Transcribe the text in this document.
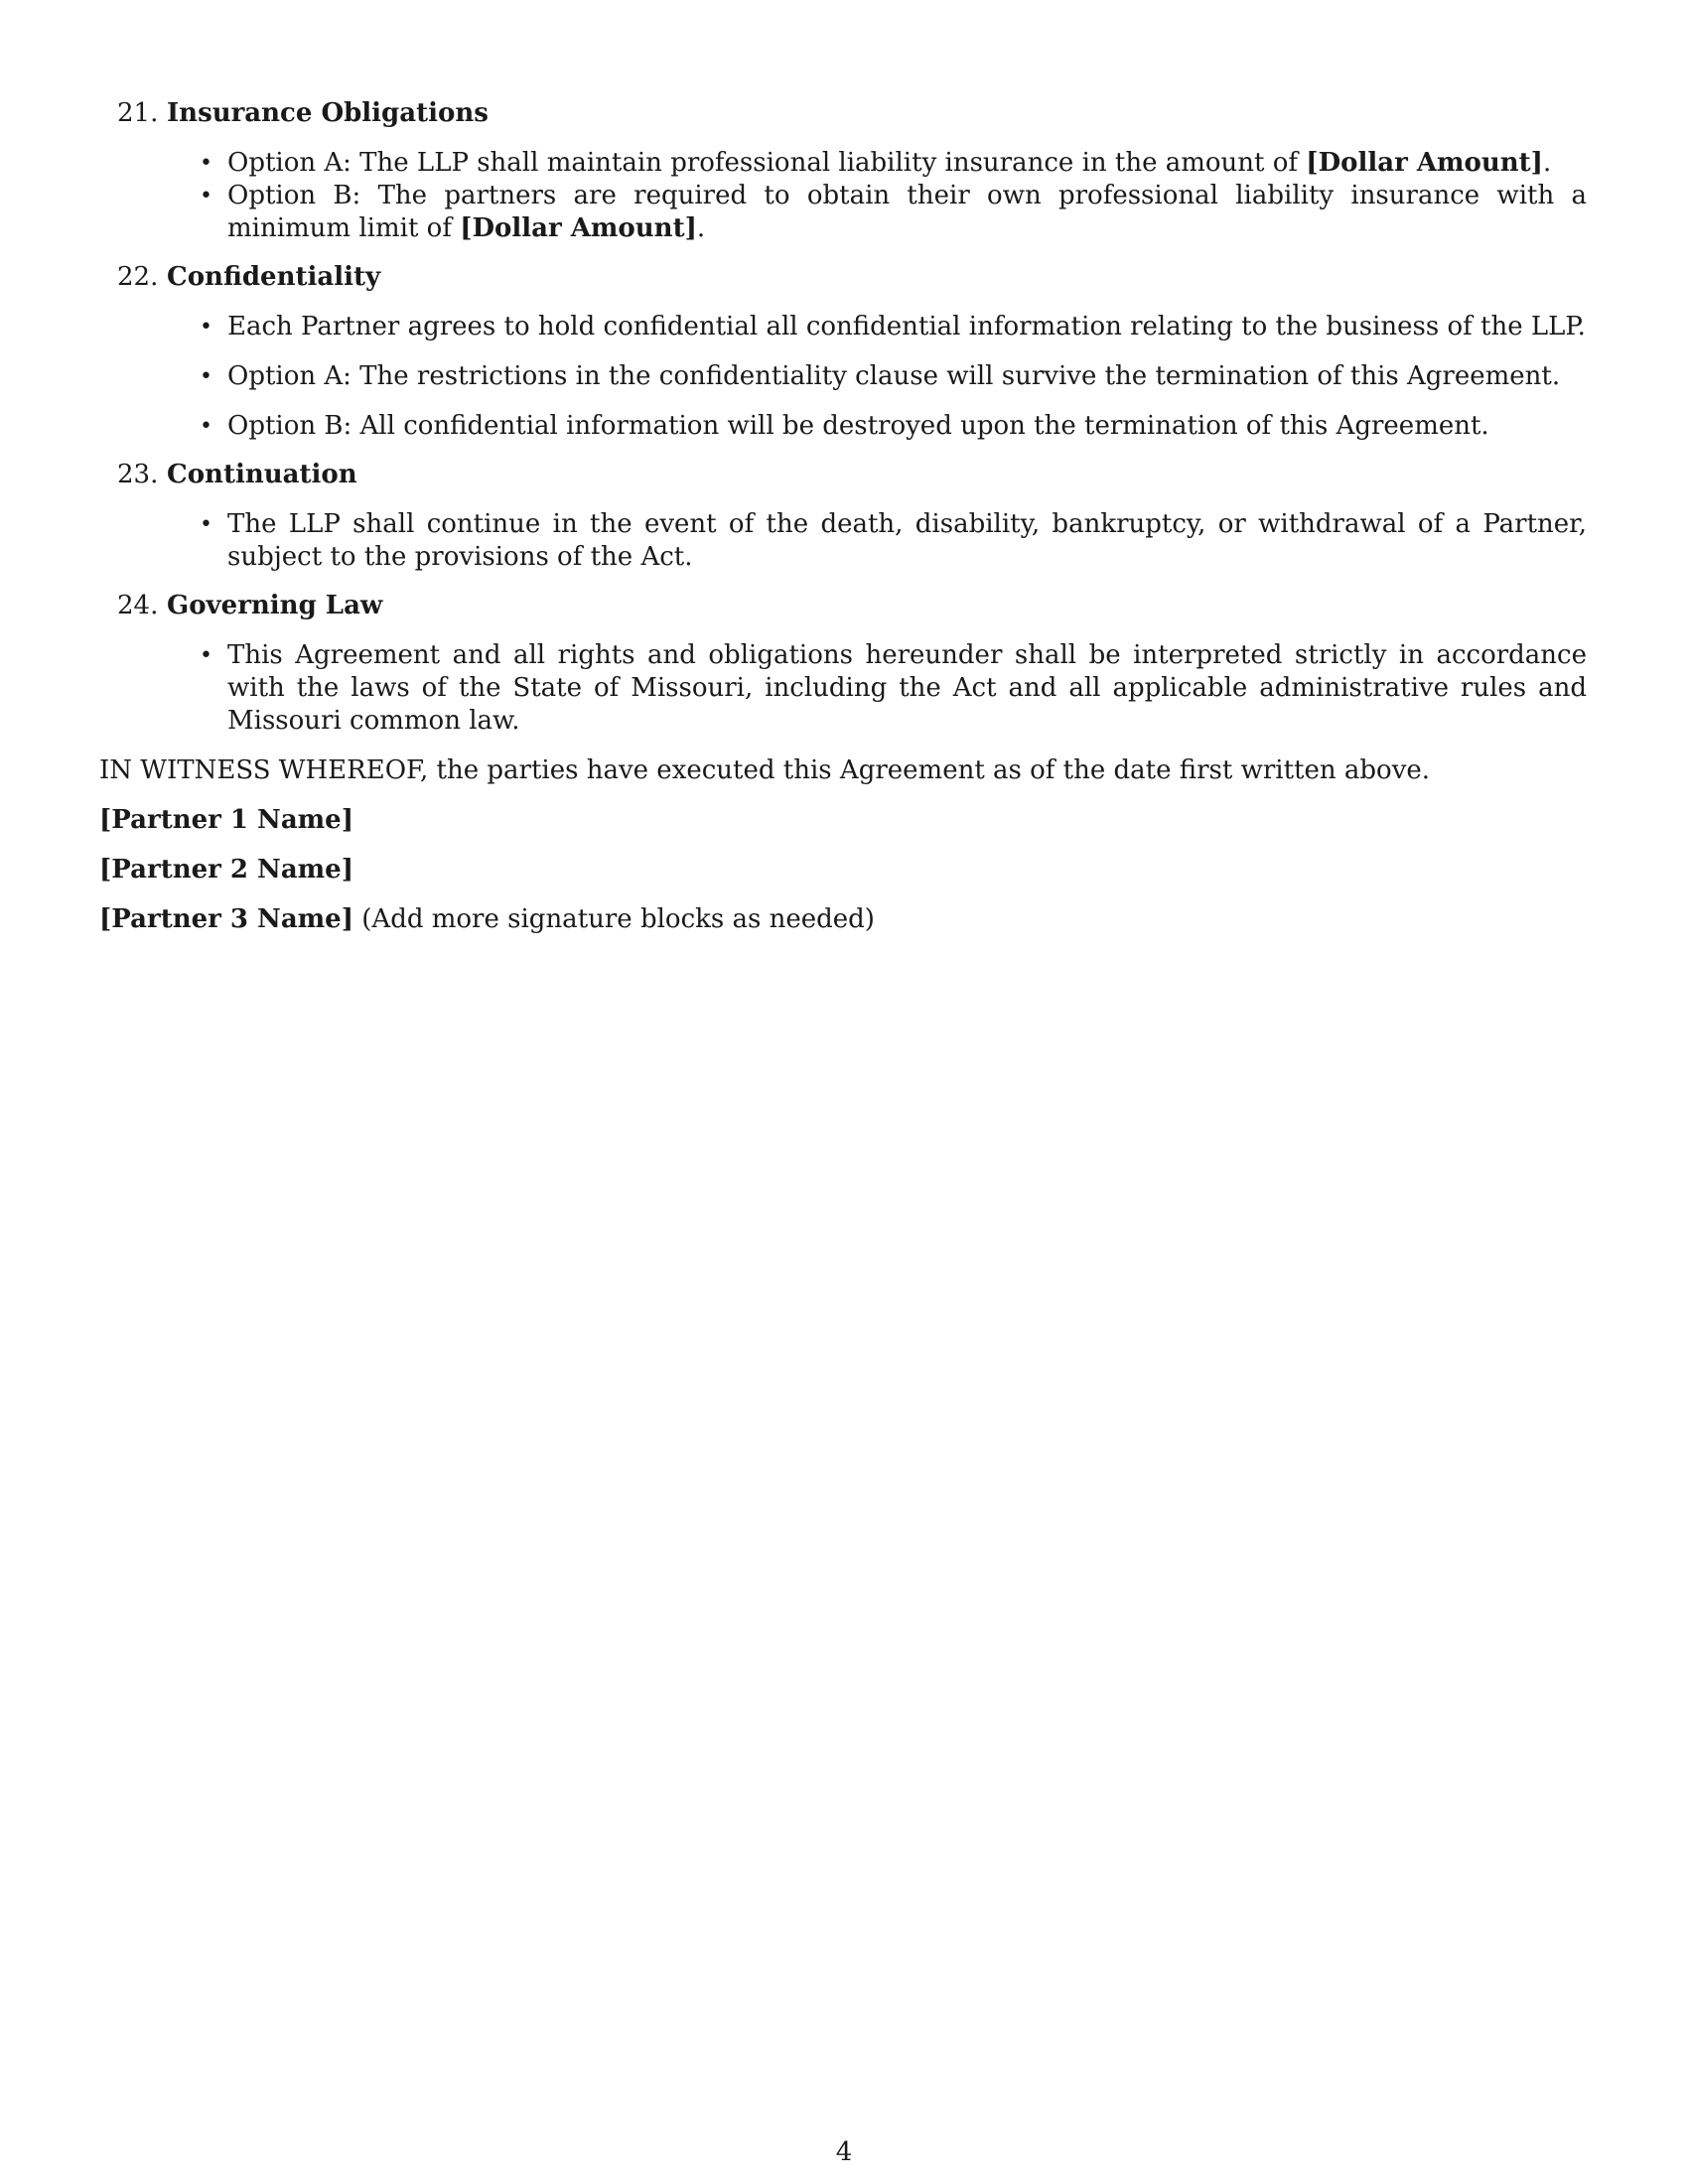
21. Insurance Obligations
• Option A: The LLP shall maintain professional liability insurance in the amount of [Dollar Amount].
• Option B: The partners are required to obtain their own professional liability insurance with a minimum limit of [Dollar Amount].
22. Confidentiality
• Each Partner agrees to hold confidential all confidential information relating to the business of the LLP.
• Option A: The restrictions in the confidentiality clause will survive the termination of this Agreement.
• Option B: All confidential information will be destroyed upon the termination of this Agreement.
23. Continuation
• The LLP shall continue in the event of the death, disability, bankruptcy, or withdrawal of a Partner, subject to the provisions of the Act.
24. Governing Law
• This Agreement and all rights and obligations hereunder shall be interpreted strictly in accordance with the laws of the State of Missouri, including the Act and all applicable administrative rules and Missouri common law.

IN WITNESS WHEREOF, the parties have executed this Agreement as of the date first written above.

[Partner 1 Name]

[Partner 2 Name]

[Partner 3 Name] (Add more signature blocks as needed)

4
